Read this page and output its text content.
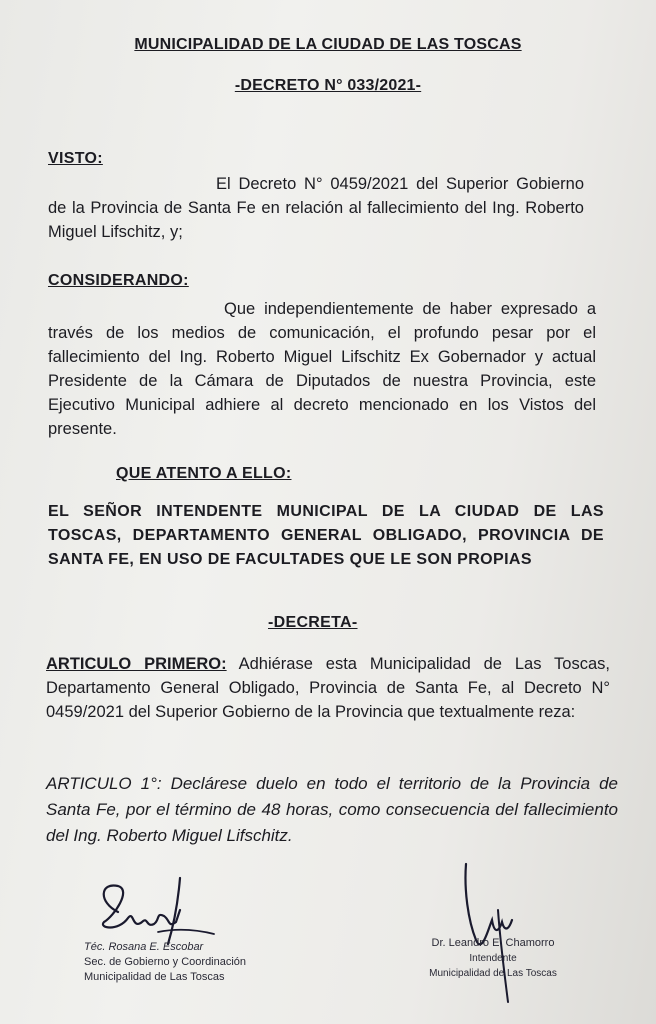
MUNICIPALIDAD DE LA CIUDAD DE LAS TOSCAS
-DECRETO N° 033/2021-
VISTO:
El Decreto N° 0459/2021 del Superior Gobierno de la Provincia de Santa Fe en relación al fallecimiento del Ing. Roberto Miguel Lifschitz, y;
CONSIDERANDO:
Que independientemente de haber expresado a través de los medios de comunicación, el profundo pesar por el fallecimiento del Ing. Roberto Miguel Lifschitz Ex Gobernador y actual Presidente de la Cámara de Diputados de nuestra Provincia, este Ejecutivo Municipal adhiere al decreto mencionado en los Vistos del presente.
QUE ATENTO A ELLO:
EL SEÑOR INTENDENTE MUNICIPAL DE LA CIUDAD DE LAS TOSCAS, DEPARTAMENTO GENERAL OBLIGADO, PROVINCIA DE SANTA FE, EN USO DE FACULTADES QUE LE SON PROPIAS
-DECRETA-
ARTICULO PRIMERO: Adhiérase esta Municipalidad de Las Toscas, Departamento General Obligado, Provincia de Santa Fe, al Decreto N° 0459/2021 del Superior Gobierno de la Provincia que textualmente reza:
ARTICULO 1°: Declárese duelo en todo el territorio de la Provincia de Santa Fe, por el término de 48 horas, como consecuencia del fallecimiento del Ing. Roberto Miguel Lifschitz.
Téc. Rosana E. Escobar
Sec. de Gobierno y Coordinación
Municipalidad de Las Toscas
Dr. Leandro E. Chamorro
Intendente
Municipalidad de Las Toscas
